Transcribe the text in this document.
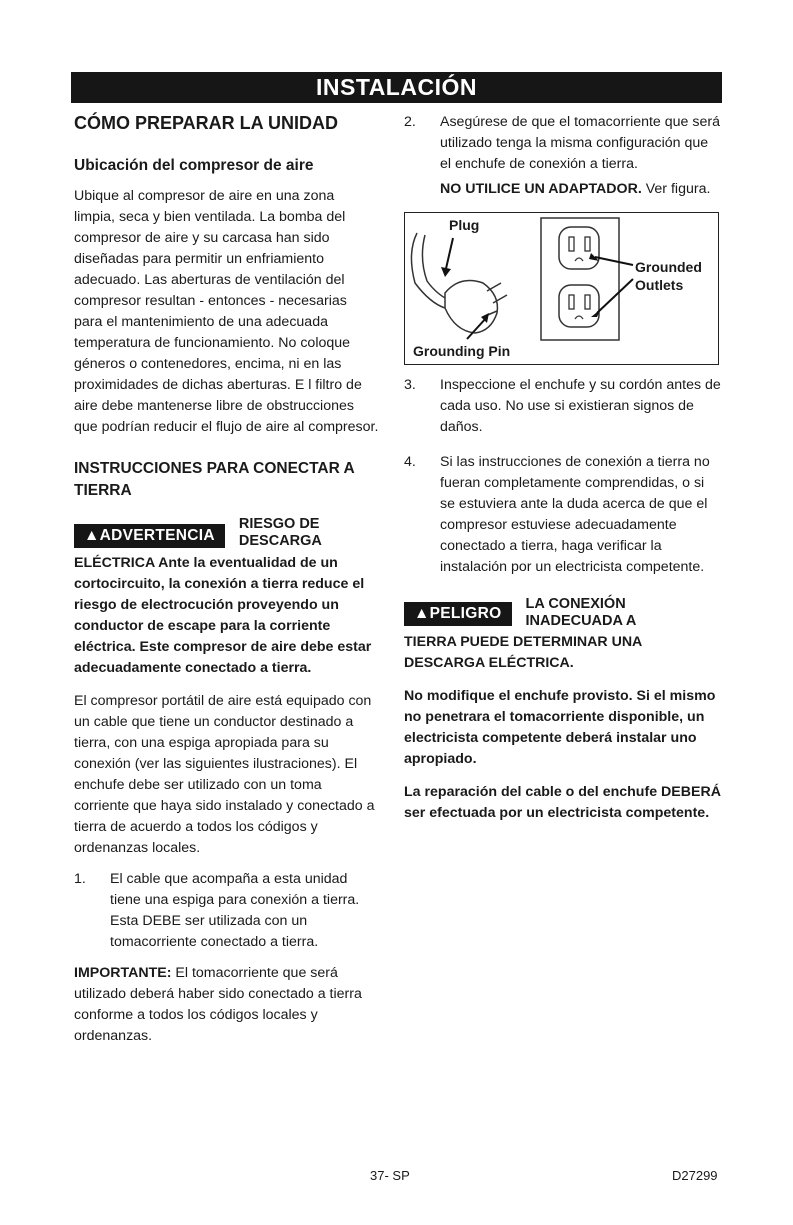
INSTALACIÓN
CÓMO PREPARAR LA UNIDAD
Ubicación del compresor de aire

Ubique al compresor de aire en una zona limpia, seca y bien ventilada. La bomba del compresor de aire y su carcasa han sido diseñadas para permitir un enfriamiento adecuado. Las aberturas de ventilación del compresor resultan - entonces - necesarias para el mantenimiento de una adecuada temperatura de funcionamiento. No coloque géneros o contenedores, encima, ni en las proximidades de dichas aberturas. E l filtro de aire debe mantenerse libre de obstrucciones que podrían reducir el flujo de aire al compresor.

INSTRUCCIONES PARA CONECTAR A TIERRA
▲ADVERTENCIA
RIESGO DE DESCARGA

ELÉCTRICA Ante la eventualidad de un cortocircuito, la conexión a tierra reduce el riesgo de electrocución proveyendo un conductor de escape para la corriente eléctrica. Este compresor de aire debe estar adecuadamente conectado a tierra.

El compresor portátil de aire está equipado con un cable que tiene un conductor destinado a tierra, con una espiga apropiada para su conexión (ver las siguientes ilustraciones). El enchufe debe ser utilizado con un toma corriente que haya sido instalado y conectado a tierra de acuerdo a todos los códigos y ordenanzas locales.

1.	El cable que acompaña a esta unidad tiene una espiga para conexión a tierra. Esta DEBE ser utilizada con un tomacorriente conectado a tierra.

IMPORTANTE: El tomacorriente que será utilizado deberá haber sido conectado a tierra conforme a todos los códigos locales y ordenanzas.

2.	Asegúrese de que el tomacorriente que será utilizado tenga la misma configuración que el enchufe de conexión a tierra.

NO UTILICE UN ADAPTADOR. Ver figura.

Plug
Grounded
Outlets
Grounding Pin

3.	Inspeccione el enchufe y su cordón antes de cada uso. No use si existieran signos de daños.

4.	Si las instrucciones de conexión a tierra no fueran completamente comprendidas, o si se estuviera ante la duda acerca de que el compresor estuviese adecuadamente conectado a tierra, haga verificar la instalación por un electricista competente.

▲PELIGRO
LA CONEXIÓN INADECUADA A

TIERRA PUEDE DETERMINAR UNA DESCARGA ELÉCTRICA.

No modifique el enchufe provisto. Si el mismo no penetrara el tomacorriente disponible, un electricista competente deberá instalar uno apropiado.

La reparación del cable o del enchufe DEBERÁ ser efectuada por un electricista competente.

37- SP	D27299
